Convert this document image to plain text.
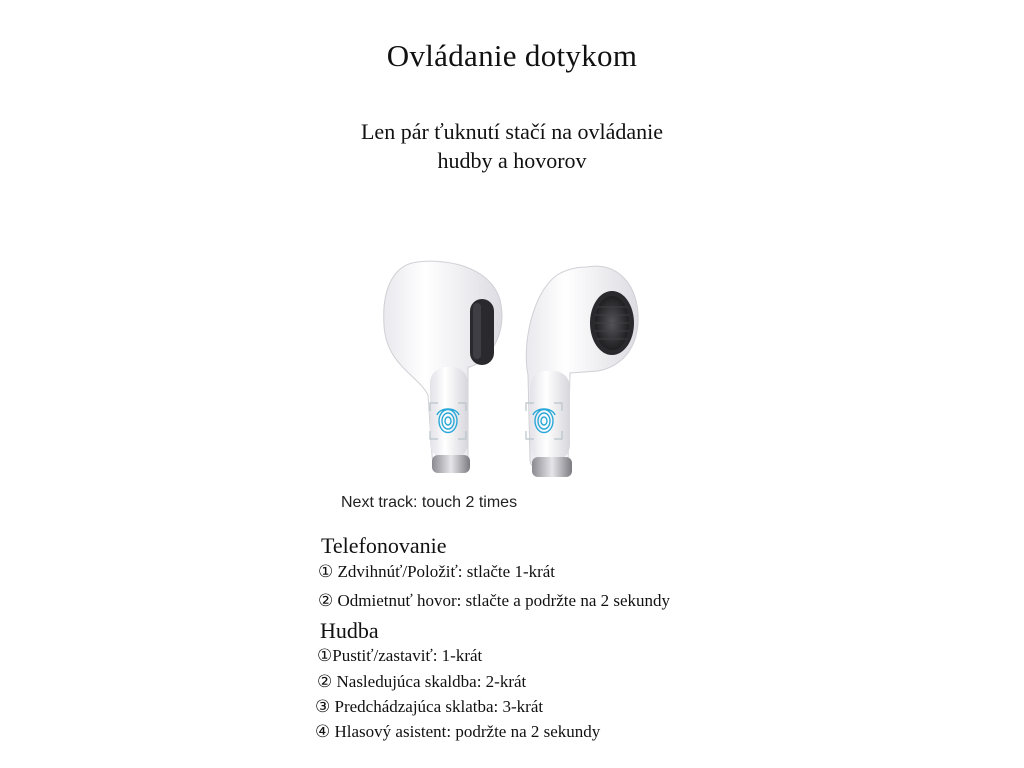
Ovládanie dotykom
Len pár ťuknutí stačí na ovládanie
hudby a hovorov
Next track: touch 2 times
Telefonovanie
① Zdvihnúť/Položiť: stlačte 1-krát
② Odmietnuť hovor: stlačte a podržte na 2 sekundy
Hudba
①Pustiť/zastaviť: 1-krát
② Nasledujúca skaldba: 2-krát
③ Predchádzajúca sklatba: 3-krát
④ Hlasový asistent: podržte na 2 sekundy
